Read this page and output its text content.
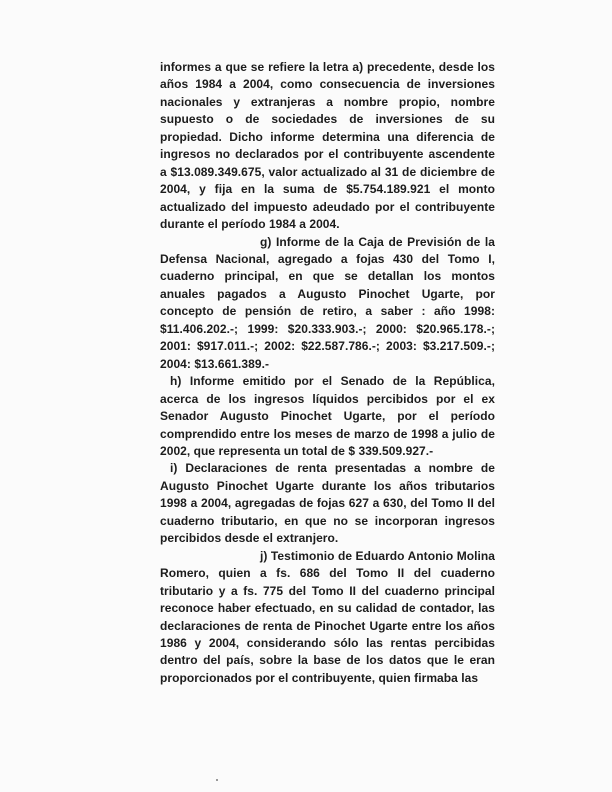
informes a que se refiere la letra a) precedente, desde los años 1984 a 2004, como consecuencia de inversiones nacionales y extranjeras a nombre propio, nombre supuesto o de sociedades de inversiones de su propiedad. Dicho informe determina una diferencia de ingresos no declarados por el contribuyente ascendente a $13.089.349.675, valor actualizado al 31 de diciembre de 2004, y fija en la suma de $5.754.189.921 el monto actualizado del impuesto adeudado por el contribuyente durante el período 1984 a 2004.

g) Informe de la Caja de Previsión de la Defensa Nacional, agregado a fojas 430 del Tomo I, cuaderno principal, en que se detallan los montos anuales pagados a Augusto Pinochet Ugarte, por concepto de pensión de retiro, a saber : año 1998: $11.406.202.-; 1999: $20.333.903.-; 2000: $20.965.178.-; 2001: $917.011.-; 2002: $22.587.786.-; 2003: $3.217.509.-; 2004: $13.661.389.-

h) Informe emitido por el Senado de la República, acerca de los ingresos líquidos percibidos por el ex Senador Augusto Pinochet Ugarte, por el período comprendido entre los meses de marzo de 1998 a julio de 2002, que representa un total de $ 339.509.927.-

i) Declaraciones de renta presentadas a nombre de Augusto Pinochet Ugarte durante los años tributarios 1998 a 2004, agregadas de fojas 627 a 630, del Tomo II del cuaderno tributario, en que no se incorporan ingresos percibidos desde el extranjero.

j) Testimonio de Eduardo Antonio Molina Romero, quien a fs. 686 del Tomo II del cuaderno tributario y a fs. 775 del Tomo II del cuaderno principal reconoce haber efectuado, en su calidad de contador, las declaraciones de renta de Pinochet Ugarte entre los años 1986 y 2004, considerando sólo las rentas percibidas dentro del país, sobre la base de los datos que le eran proporcionados por el contribuyente, quien firmaba las
